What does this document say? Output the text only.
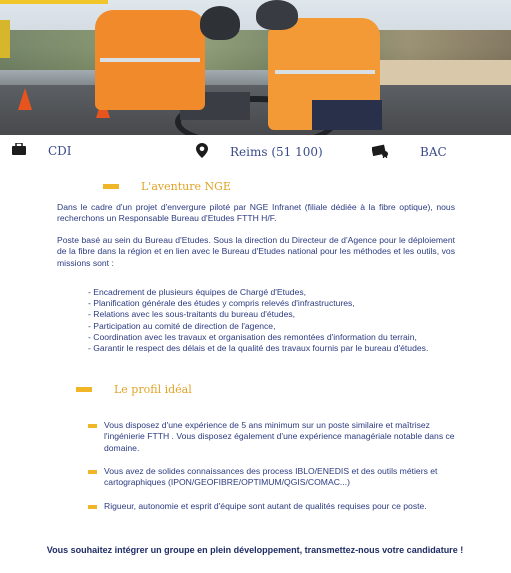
CDI	Reims (51 100)	BAC
L'aventure NGE

Dans le cadre d'un projet d'envergure piloté par NGE Infranet (filiale dédiée à la fibre optique), nous recherchons un Responsable Bureau d'Etudes FTTH H/F.

Poste basé au sein du Bureau d'Etudes. Sous la direction du Directeur de d'Agence pour le déploiement de la fibre dans la région et en lien avec le Bureau d'Etudes national pour les méthodes et les outils, vos missions sont :

- Encadrement de plusieurs équipes de Chargé d'Etudes,
- Planification générale des études y compris relevés d'infrastructures,
- Relations avec les sous-traitants du bureau d'études,
- Participation au comité de direction de l'agence,
- Coordination avec les travaux et organisation des remontées d'information du terrain,
- Garantir le respect des délais et de la qualité des travaux fournis par le bureau d'études.
Le profil idéal
Vous disposez d'une expérience de 5 ans minimum sur un poste similaire et maîtrisez l'ingénierie FTTH . Vous disposez également d'une expérience managériale notable dans ce domaine.
Vous avez de solides connaissances des process IBLO/ENEDIS et des outils métiers et cartographiques (IPON/GEOFIBRE/OPTIMUM/QGIS/COMAC...)
Rigueur, autonomie et esprit d'équipe sont autant de qualités requises pour ce poste.
Vous souhaitez intégrer un groupe en plein développement, transmettez-nous votre candidature !
